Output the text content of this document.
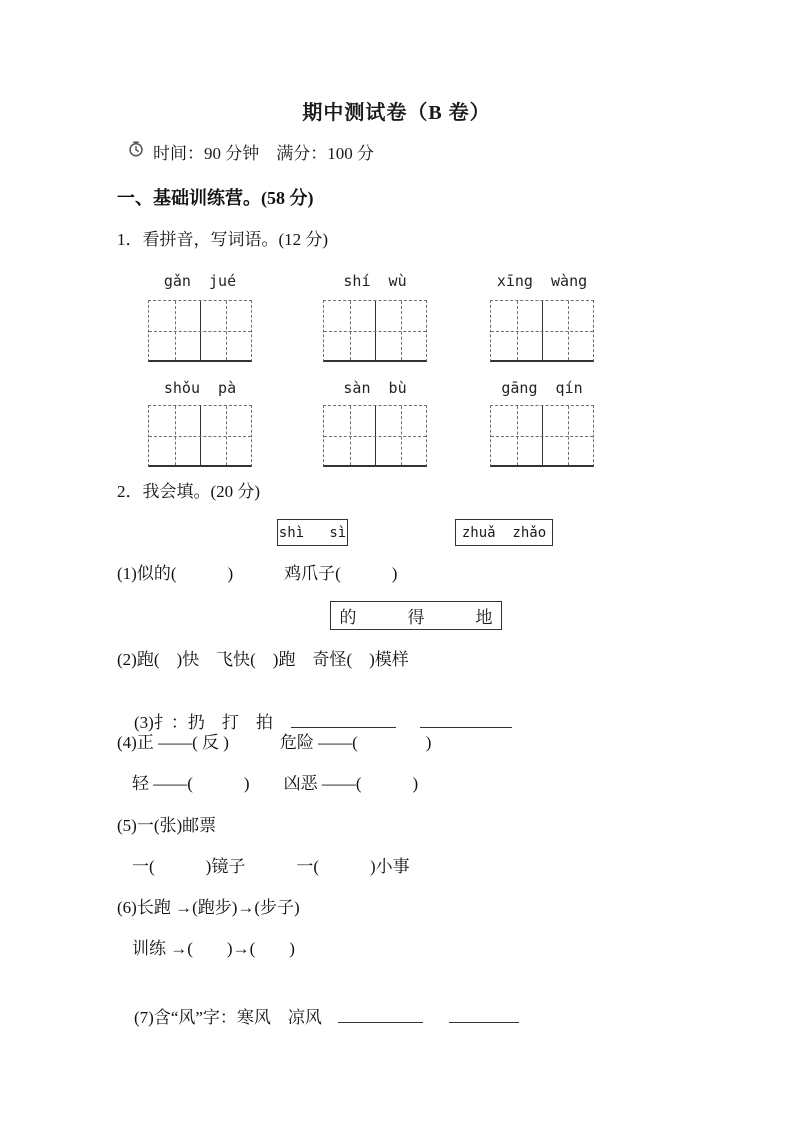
期中测试卷（B 卷）
时间：90 分钟　满分：100 分
一、基础训练营。(58 分)
1．看拼音，写词语。(12 分)
gǎn  jué	shí  wù	xīng  wàng
shǒu  pà	sàn  bù	gāng  qín
2．我会填。(20 分)
shì   sì	zhuǎ  zhǎo
(1)似的(　　　)　　　鸡爪子(　　　)
的　　　得　　　地
(2)跑(　)快　飞快(　)跑　奇怪(　)模样

(3)扌：扔　打　拍

(4)正 ——( 反 )　　　危险 ——(　　　　)
轻 ——(　　　)　　凶恶 ——(　　　)
(5)一(张)邮票
一(　　　)镜子　　　一(　　　)小事
(6)长跑 →(跑步)→(步子)
训练 →(　　)→(　　)

(7)含“风”字：寒风　凉风
